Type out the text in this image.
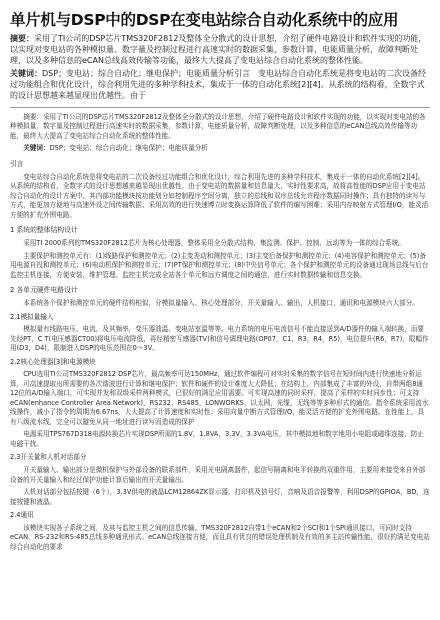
单片机与DSP中的DSP在变电站综合自动化系统中的应用

摘要：采用了TI公司的DSP芯片TMS320F2812及整体全分散式的设计思想，介绍了硬件电路设计和软件实现的功能，以实现对变电站的各种模拟量、数字量及控制过程进行高速实时的数据采集，参数计算，电能质量分析，故障判断处理，以及多种信息的eCAN总线高效传输等功能，最终大大提高了变电站综合自动化系统的整体性能。

关键词：DSP；变电站；综合自动化；继电保护；电能质量分析引言　变电站综合自动化系统是将变电站的二次设备经过功能组合和优化设计，综合利用先进的多种学科技术，集成于一体的自动化系统[2][4]。从系统的结构看，全数字式的设计思想越来越显现出优越性。由于

摘要：采用了TI公司的DSP芯片TMS320F2812及整体全分散式的设计思想，介绍了硬件电路设计和软件实现的功能，以实现对变电站的各种模拟量、数字量及控制过程进行高速实时的数据采集，参数计算，电能质量分析，故障判断处理，以及多种信息的eCAN总线高效传输等功能，最终大大提高了变电站综合自动化系统的整体性能。

关键词：DSP；变电站；综合自动化；继电保护；电能质量分析

引言

变电站综合自动化系统是将变电站的二次设备经过功能组合和优化设计，综合利用先进的多种学科技术，集成于一体的自动化系统[2][4]。从系统的结构看，全数字式的设计思想越来越显现出优越性。由于变电站的数据量和信息量大，实时性要求高，故将高性能的DSP应用于变电站综合自动化的设计方案中。其内部功能模块按功能划分如控制程序空间分离，独立的总线和双序总线允许程序数据同时操作；具有独特的读写与方式，能更加方便地与高速外设之间传输数据；采用高效的进行快速博立时变换运算降低了软件的编写困难；采用内存映射方式管理I/O，能灵活方便的扩充外围电路。

1 系统的整体结构设计

采用TI 2000系列的TMS320F2812芯片为核心处理器，整体采用全分散式结构，集监测、保护、控制、远动等为一体的综合系统。

主要保护和测控单元有：(1)线路保护和测控单元；(2)主变差动和测控单元；(3)主变后备保护和测控单元；(4)电容保护和测控单元；(5)备用电源自投和测控单元；(6)电动机保护和测控单元；(7)PT保护和测控单元；(8)中央信号单元；各个保护和测控单元的设备通过现场总线与后台监控主机连接，方便安装，维护管理。监控主机完成全站各个单元和远方调度之间的通信，进行实时数据传输和信息交换。

2 各单元硬件电路设计

本系统各个保护和测控单元的硬件结构相似，分模拟量输入、核心处理部分，开关量输入、输出，人机接口，通讯和电源模块六大部分。

2.1模拟量输入

模拟量有线路电压、电流，及其频率，变压器油温、变电站室温等等。电力系统的电压电流信号不能直接送到A/D器件的输入端转换，而要先经PT，C T(电压感器CT00)将电压电流降低，再经精密互感器(TV)和信号调理电路(OP07，C1，R3，R4，R5)，电位提升(R6，R7)，限幅作用(D3，D4)，限制进入DSP的电压范围在0～3V。

2.2核心处理器[3]和电源模块

CPU选用TI公司TMS320F2812 DSP芯片，最高频率可达150MHz，通过软件编程可对实时采集的数字信号在短时间内进行快速地分析运算，可高速提取出所需要的各次谐波进行计算和继电保护；软件和硬件的设计难度大大降低；在结构上，内部集成了丰富的外设，自带两组8通 12位的A/D输入端口，可实现并发和双级采样两种模式，已很好的满足应用需要。可实现高速的同时采样，提高了采样的实时同步性；可支持eCAN(enhance Controller Area Network)，RS232，RS485，LONWORKS，以太网，光缆，无线等等多种形式的通信。指令系统采用流水线操作，减小了指令的周期为6.67ns，大大提高了计算速度和实时性；采用向量中断方式管理I/O，能灵活方便的扩充外围电路。在性能上，具有八级流水线，完全可以避免从同一地址进行读写而造成的保护

电源采用TPS767D318电源转换芯片实现DSP所需的1.8V，1.8VA，3.3V，3.3VA电压，其中模拟地和数字地用小电阻或磁珠连接，防止电磁干扰。

2.3开关量和人机对话部分

开关量输入、输出部分是微机保护与外部设备的联系部件，采用光电隔离器件，起信号隔离和电平转换的双重作用，主要用来接受来自外部设备的开关量输入和经过保护功能计算后输出的开关量输出。

人机对话部分包括按键（6个），3.3V供电的液晶LCM12864ZK显示器，打印机及信号灯，音响及语音报警等，利用DSP的GPIOA，BD，连接按键和液晶。

2.4通讯

该模块实现各子系统之间，及其与监控主机之间的信息传输。TMS320F2812自带1个eCAN和2个SCI和1个SPI通讯接口，可同时支持eCAN，RS-232和RS-485总线多种通讯形式。eCAN总线连接方便，而且具有优良的错误处理机制及有效的多主站传输性能，很好的满足变电站综合自动化的要求
